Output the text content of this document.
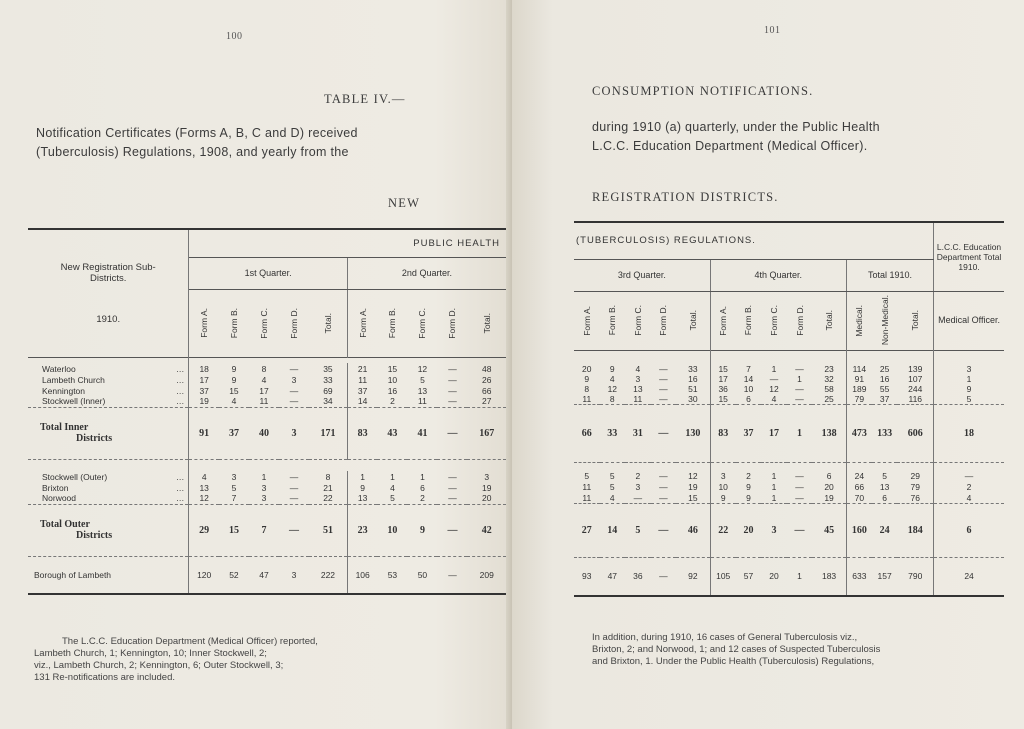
100
TABLE IV.—
Notification Certificates (Forms A, B, C and D) received
(Tuberculosis) Regulations, 1908, and yearly from the
NEW
New Registration Sub-Districts.
1910.	PUBLIC HEALTH									
	1st Quarter.					2nd Quarter.				

	Form A.	Form B.	Form C.	Form D.	Total.	Form A.	Form B.	Form C.	Form D.	Total.

Waterloo …	18	9	8	—	35	21	15	12	—	48
Lambeth Church …	17	9	4	3	33	11	10	5	—	26
Kennington …	37	15	17	—	69	37	16	13	—	66
Stockwell (Inner) …	19	4	11	—	34	14	2	11	—	27

Total Inner
Districts	91	37	40	3	171	83	43	41	—	167

Stockwell (Outer) …	4	3	1	—	8	1	1	1	—	3
Brixton …	13	5	3	—	21	9	4	6	—	19
Norwood …	12	7	3	—	22	13	5	2	—	20

Total Outer
Districts	29	15	7	—	51	23	10	9	—	42
Borough of Lambeth	120	52	47	3	222	106	53	50	—	209
The L.C.C. Education Department (Medical Officer) reported,
Lambeth Church, 1; Kennington, 10; Inner Stockwell, 2;
viz., Lambeth Church, 2; Kennington, 6; Outer Stockwell, 3;
131 Re-notifications are included.
101
CONSUMPTION NOTIFICATIONS.
during 1910 (a) quarterly, under the Public Health
L.C.C. Education Department (Medical Officer).
REGISTRATION DISTRICTS.
(TUBERCULOSIS) REGULATIONS.													L.C.C. Education Department Total 1910.
3rd Quarter.					4th Quarter.					Total 1910.			

Form A.	Form B.	Form C.	Form D.	Total.	Form A.	Form B.	Form C.	Form D.	Total.	Medical.	Non-Medical.	Total.	Medical Officer.

20	9	4	—	33	15	7	1	—	23	114	25	139	3
9	4	3	—	16	17	14	—	1	32	91	16	107	1
8	12	13	—	51	36	10	12	—	58	189	55	244	9
11	8	11	—	30	15	6	4	—	25	79	37	116	5
66	33	31	—	130	83	37	17	1	138	473	133	606	18

5	5	2	—	12	3	2	1	—	6	24	5	29	—
11	5	3	—	19	10	9	1	—	20	66	13	79	2
11	4	—	—	15	9	9	1	—	19	70	6	76	4
27	14	5	—	46	22	20	3	—	45	160	24	184	6
93	47	36	—	92	105	57	20	1	183	633	157	790	24
In addition, during 1910, 16 cases of General Tuberculosis viz.,
Brixton, 2; and Norwood, 1; and 12 cases of Suspected Tuberculosis
and Brixton, 1. Under the Public Health (Tuberculosis) Regulations,
